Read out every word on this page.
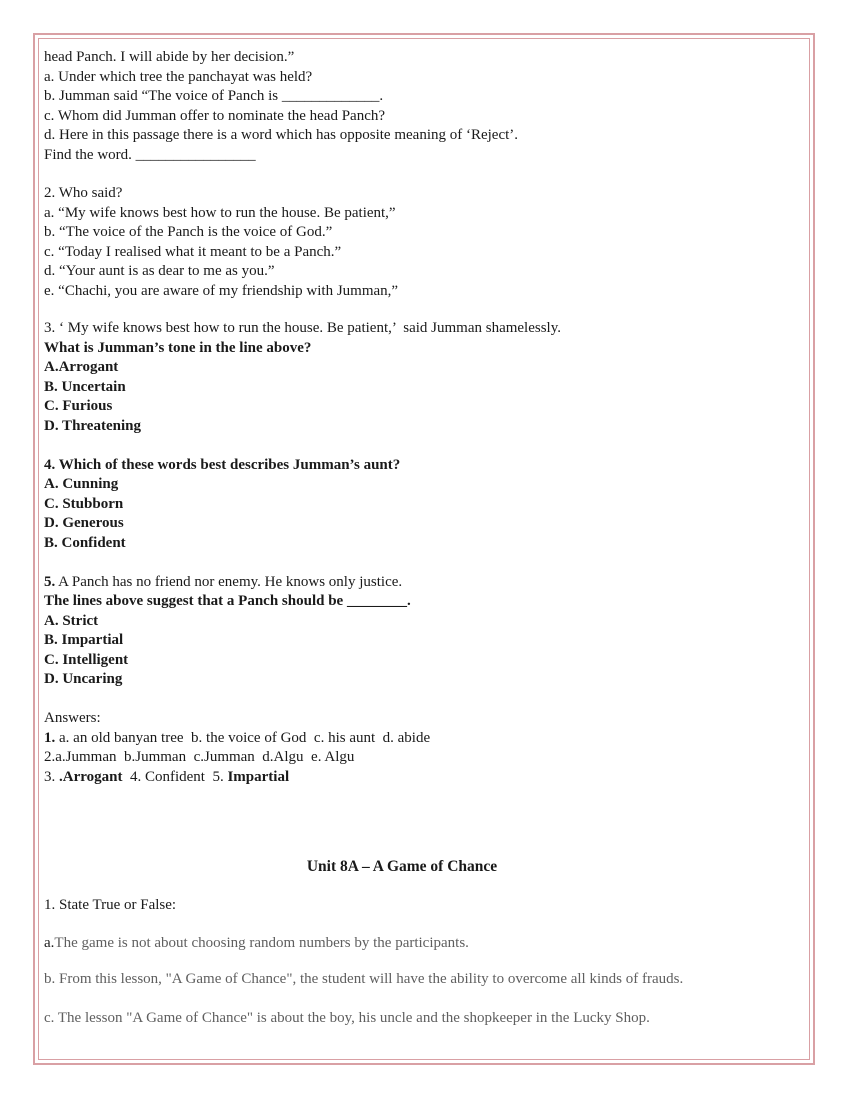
head Panch. I will abide by her decision.”
a. Under which tree the panchayat was held?
b. Jumman said “The voice of Panch is _____________.
c. Whom did Jumman offer to nominate the head Panch?
d. Here in this passage there is a word which has opposite meaning of ‘Reject’.
Find the word. ________________
2. Who said?
a. “My wife knows best how to run the house. Be patient,”
b. “The voice of the Panch is the voice of God.”
c. “Today I realised what it meant to be a Panch.”
d. “Your aunt is as dear to me as you.”
e. “Chachi, you are aware of my friendship with Jumman,”
3. ‘ My wife knows best how to run the house. Be patient,’  said Jumman shamelessly.
What is Jumman’s tone in the line above?
A.Arrogant
B. Uncertain
C. Furious
D. Threatening
4. Which of these words best describes Jumman’s aunt?
A. Cunning
C. Stubborn
D. Generous
B. Confident
5. A Panch has no friend nor enemy. He knows only justice.
The lines above suggest that a Panch should be ________.
A. Strict
B. Impartial
C. Intelligent
D. Uncaring
Answers:
1. a. an old banyan tree  b. the voice of God  c. his aunt  d. abide
2.a.Jumman  b.Jumman  c.Jumman  d.Algu  e. Algu
3. .Arrogant  4. Confident  5. Impartial
Unit 8A – A Game of Chance
1. State True or False:
a.The game is not about choosing random numbers by the participants.
b. From this lesson, "A Game of Chance", the student will have the ability to overcome all kinds of frauds.
c. The lesson "A Game of Chance" is about the boy, his uncle and the shopkeeper in the Lucky Shop.
